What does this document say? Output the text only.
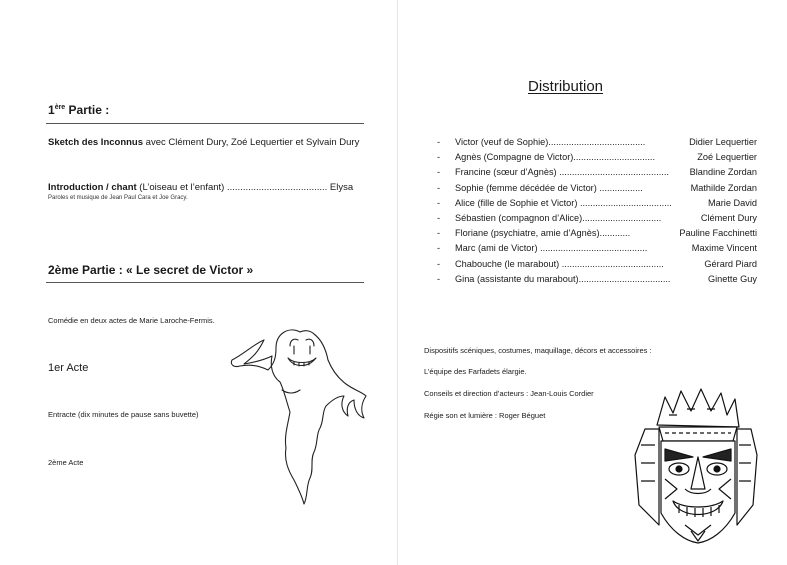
1ère Partie :
Sketch des Inconnus avec Clément Dury, Zoé Lequertier et Sylvain Dury
Introduction / chant (L’oiseau et l’enfant) ...................................... Elysa
Paroles et musique de Jean Paul Cara et Joe Gracy.
2ème Partie : « Le secret de Victor »
Comédie en deux actes de Marie Laroche-Fermis.
1er Acte
Entracte (dix minutes de pause sans buvette)
2ème Acte
Distribution
- Victor (veuf de Sophie)......................................	Didier Lequertier
- Agnès (Compagne de Victor)................................	Zoé Lequertier
- Francine (sœur d’Agnès) ........................................... Blandine Zordan
- Sophie (femme décédée de Victor) .................	Mathilde Zordan
- Alice (fille de Sophie et Victor) ....................................	Marie David
- Sébastien (compagnon d’Alice)...............................	Clément Dury
- Floriane (psychiatre, amie d’Agnès)............	Pauline Facchinetti
- Marc (ami de Victor) ..........................................	Maxime Vincent
- Chabouche (le marabout) ........................................	Gérard Piard
- Gina (assistante du marabout)....................................	Ginette Guy
Dispositifs scéniques, costumes, maquillage, décors et accessoires :
L’équipe des Farfadets élargie.
Conseils et direction d’acteurs : Jean-Louis Cordier
Régie son et lumière : Roger Béguet
